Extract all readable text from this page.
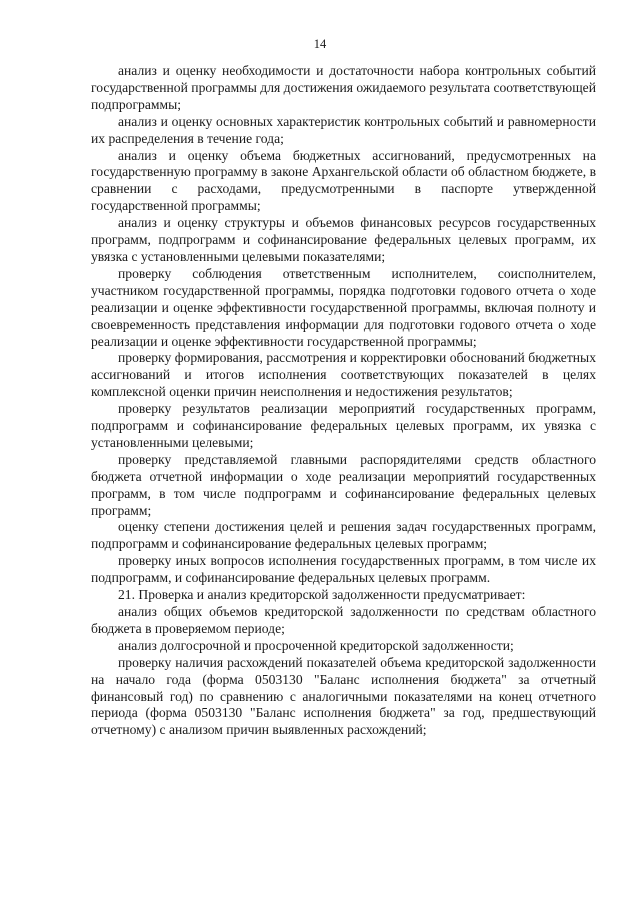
14

анализ и оценку необходимости и достаточности набора контрольных событий государственной программы для достижения ожидаемого результата соответствующей подпрограммы;

анализ и оценку основных характеристик контрольных событий и равномерности их распределения в течение года;

анализ и оценку объема бюджетных ассигнований, предусмотренных на государственную программу в законе Архангельской области об областном бюджете, в сравнении с расходами, предусмотренными в паспорте утвержденной государственной программы;

анализ и оценку структуры и объемов финансовых ресурсов государственных программ, подпрограмм и софинансирование федеральных целевых программ, их увязка с установленными целевыми показателями;

проверку соблюдения ответственным исполнителем, соисполнителем, участником государственной программы, порядка подготовки годового отчета о ходе реализации и оценке эффективности государственной программы, включая полноту и своевременность представления информации для подготовки годового отчета о ходе реализации и оценке эффективности государственной программы;

проверку формирования, рассмотрения и корректировки обоснований бюджетных ассигнований и итогов исполнения соответствующих показателей в целях комплексной оценки причин неисполнения и недостижения результатов;

проверку результатов реализации мероприятий государственных программ, подпрограмм и софинансирование федеральных целевых программ, их увязка с установленными целевыми;

проверку представляемой главными распорядителями средств областного бюджета отчетной информации о ходе реализации мероприятий государственных программ, в том числе подпрограмм и софинансирование федеральных целевых программ;

оценку степени достижения целей и решения задач государственных программ, подпрограмм и софинансирование федеральных целевых программ;

проверку иных вопросов исполнения государственных программ, в том числе их подпрограмм, и софинансирование федеральных целевых программ.

21. Проверка и анализ кредиторской задолженности предусматривает:

анализ общих объемов кредиторской задолженности по средствам областного бюджета в проверяемом периоде;

анализ долгосрочной и просроченной кредиторской задолженности;

проверку наличия расхождений показателей объема кредиторской задолженности на начало года (форма 0503130 "Баланс исполнения бюджета" за отчетный финансовый год) по сравнению с аналогичными показателями на конец отчетного периода (форма 0503130 "Баланс исполнения бюджета" за год, предшествующий отчетному) с анализом причин выявленных расхождений;
